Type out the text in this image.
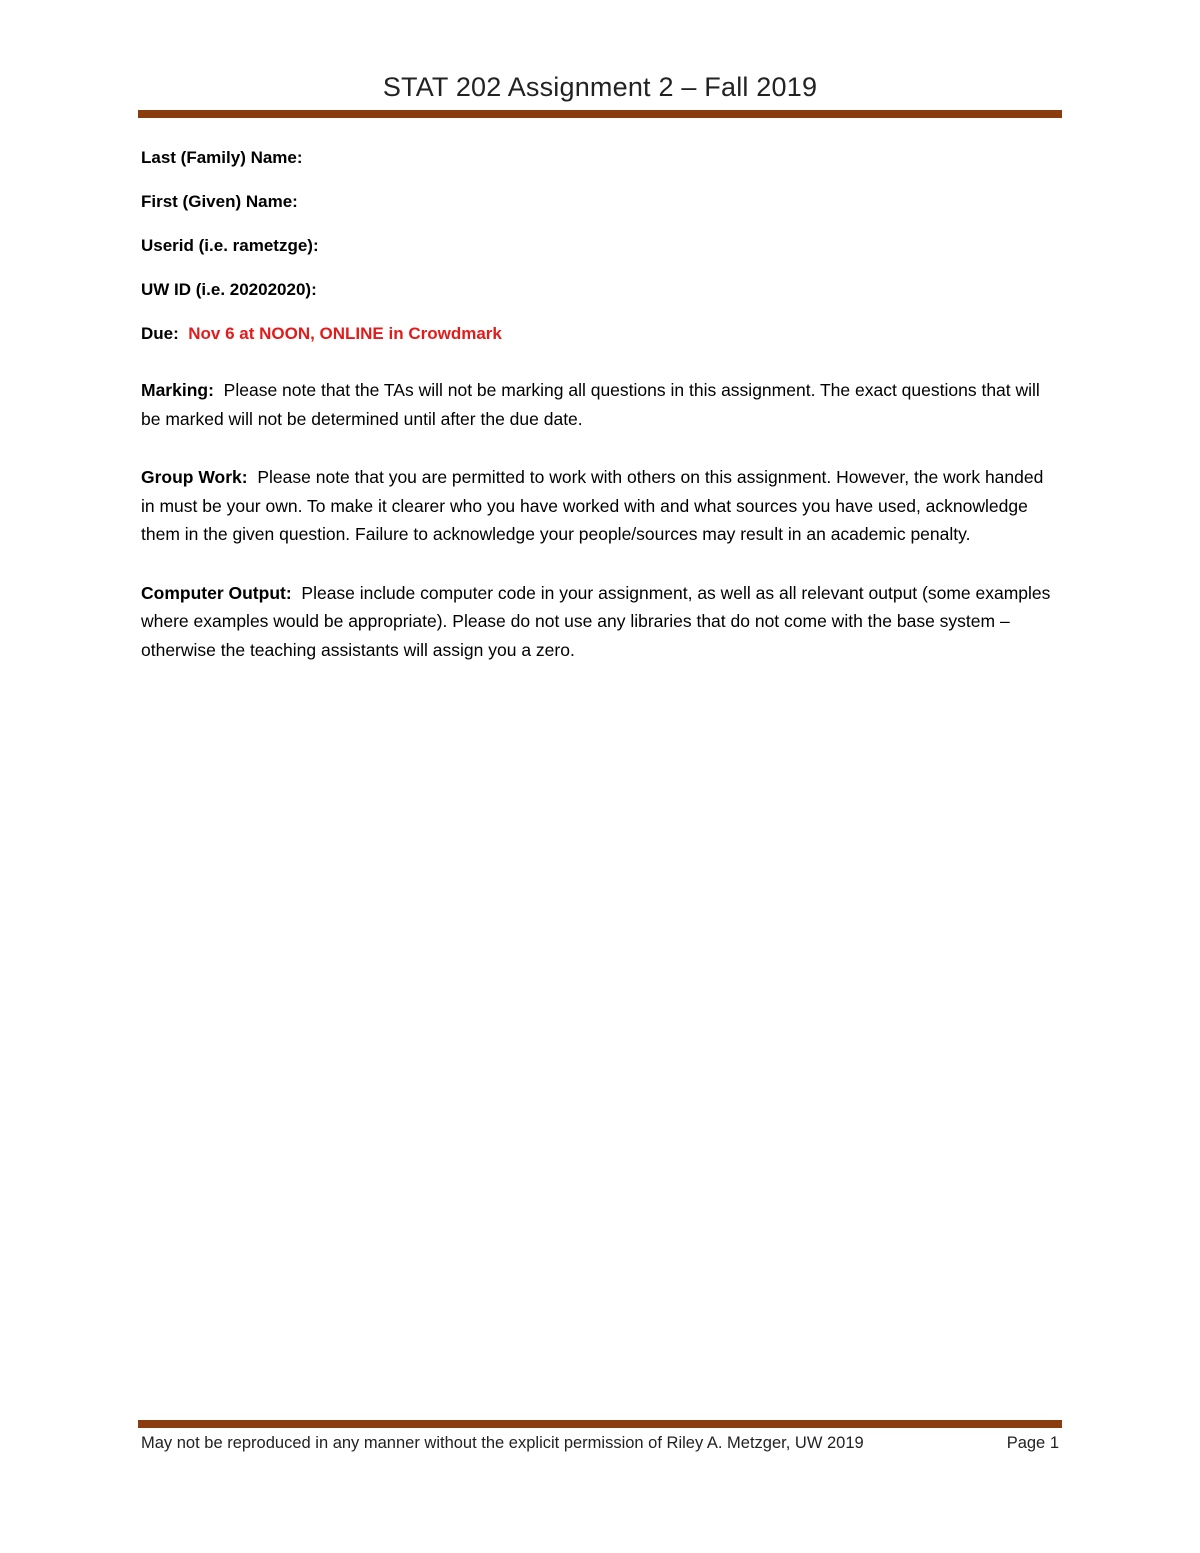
STAT 202 Assignment 2 – Fall 2019
Last (Family) Name:
First (Given) Name:
Userid (i.e. rametzge):
UW ID (i.e. 20202020):
Due: Nov 6 at NOON, ONLINE in Crowdmark

Marking: Please note that the TAs will not be marking all questions in this assignment. The exact questions that will be marked will not be determined until after the due date.

Group Work: Please note that you are permitted to work with others on this assignment. However, the work handed in must be your own. To make it clearer who you have worked with and what sources you have used, acknowledge them in the given question. Failure to acknowledge your people/sources may result in an academic penalty.

Computer Output: Please include computer code in your assignment, as well as all relevant output (some examples where examples would be appropriate). Please do not use any libraries that do not come with the base system – otherwise the teaching assistants will assign you a zero.

May not be reproduced in any manner without the explicit permission of Riley A. Metzger, UW 2019	Page 1
